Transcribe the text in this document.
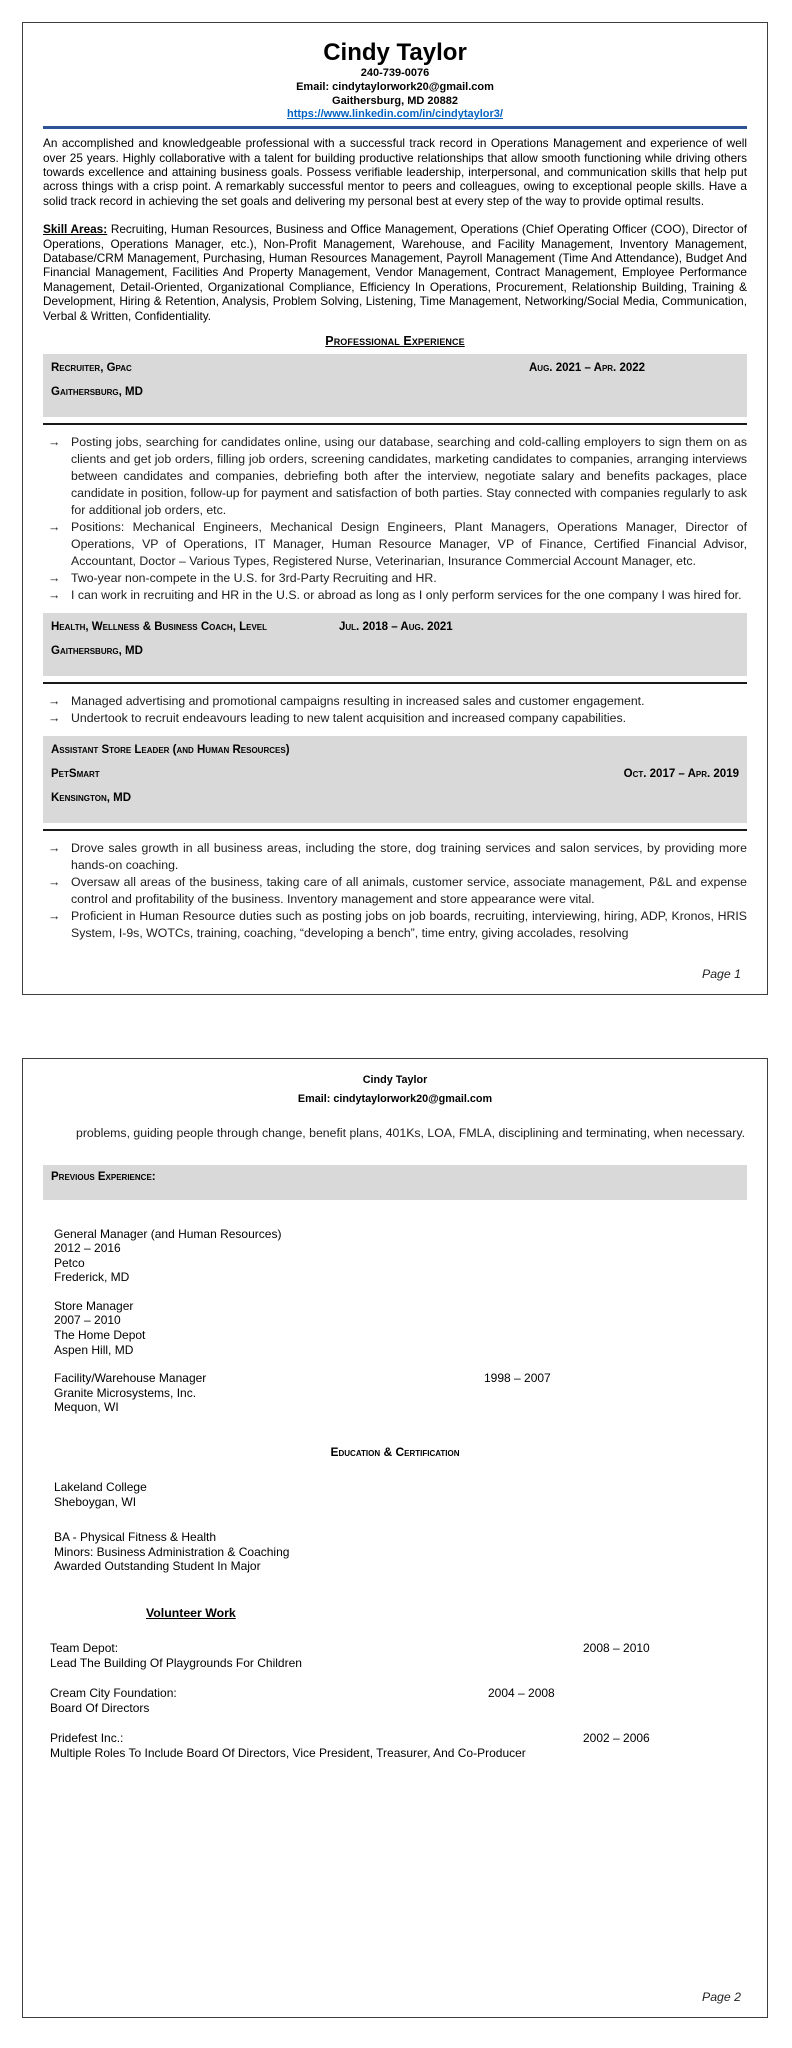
Cindy Taylor
240-739-0076
Email: cindytaylorwork20@gmail.com
Gaithersburg, MD 20882
https://www.linkedin.com/in/cindytaylor3/
An accomplished and knowledgeable professional with a successful track record in Operations Management and experience of well over 25 years. Highly collaborative with a talent for building productive relationships that allow smooth functioning while driving others towards excellence and attaining business goals. Possess verifiable leadership, interpersonal, and communication skills that help put across things with a crisp point. A remarkably successful mentor to peers and colleagues, owing to exceptional people skills. Have a solid track record in achieving the set goals and delivering my personal best at every step of the way to provide optimal results.
Skill Areas: Recruiting, Human Resources, Business and Office Management, Operations (Chief Operating Officer (COO), Director of Operations, Operations Manager, etc.), Non-Profit Management, Warehouse, and Facility Management, Inventory Management, Database/CRM Management, Purchasing, Human Resources Management, Payroll Management (Time And Attendance), Budget And Financial Management, Facilities And Property Management, Vendor Management, Contract Management, Employee Performance Management, Detail-Oriented, Organizational Compliance, Efficiency In Operations, Procurement, Relationship Building, Training & Development, Hiring & Retention, Analysis, Problem Solving, Listening, Time Management, Networking/Social Media, Communication, Verbal & Written, Confidentiality.
Professional Experience
Recruiter, Gpac	Aug. 2021 – Apr. 2022
Gaithersburg, MD
→
Posting jobs, searching for candidates online, using our database, searching and cold-calling employers to sign them on as clients and get job orders, filling job orders, screening candidates, marketing candidates to companies, arranging interviews between candidates and companies, debriefing both after the interview, negotiate salary and benefits packages, place candidate in position, follow-up for payment and satisfaction of both parties. Stay connected with companies regularly to ask for additional job orders, etc.
→
Positions: Mechanical Engineers, Mechanical Design Engineers, Plant Managers, Operations Manager, Director of Operations, VP of Operations, IT Manager, Human Resource Manager, VP of Finance, Certified Financial Advisor, Accountant, Doctor – Various Types, Registered Nurse, Veterinarian, Insurance Commercial Account Manager, etc.
→
Two-year non-compete in the U.S. for 3rd-Party Recruiting and HR.
→
I can work in recruiting and HR in the U.S. or abroad as long as I only perform services for the one company I was hired for.
Health, Wellness & Business Coach, Level	Jul. 2018 – Aug. 2021
Gaithersburg, MD
→
Managed advertising and promotional campaigns resulting in increased sales and customer engagement.
→
Undertook to recruit endeavours leading to new talent acquisition and increased company capabilities.
Assistant Store Leader (and Human Resources)
PetSmart	Oct. 2017 – Apr. 2019
Kensington, MD
→
Drove sales growth in all business areas, including the store, dog training services and salon services, by providing more hands-on coaching.
→
Oversaw all areas of the business, taking care of all animals, customer service, associate management, P&L and expense control and profitability of the business. Inventory management and store appearance were vital.
→
Proficient in Human Resource duties such as posting jobs on job boards, recruiting, interviewing, hiring, ADP, Kronos, HRIS System, I-9s, WOTCs, training, coaching, “developing a bench”, time entry, giving accolades, resolving
Page 1
Cindy Taylor
Email: cindytaylorwork20@gmail.com
problems, guiding people through change, benefit plans, 401Ks, LOA, FMLA, disciplining and terminating, when necessary.
Previous Experience:
General Manager (and Human Resources)
2012 – 2016
Petco
Frederick, MD
Store Manager
2007 – 2010
The Home Depot
Aspen Hill, MD
Facility/Warehouse Manager	1998 – 2007
Granite Microsystems, Inc.
Mequon, WI
Education & Certification
Lakeland College
Sheboygan, WI
BA - Physical Fitness & Health
Minors: Business Administration & Coaching
Awarded Outstanding Student In Major
Volunteer Work
Team Depot:	2008 – 2010
Lead The Building Of Playgrounds For Children
Cream City Foundation:	2004 – 2008
Board Of Directors
Pridefest Inc.:	2002 – 2006
Multiple Roles To Include Board Of Directors, Vice President, Treasurer, And Co-Producer
Page 2
